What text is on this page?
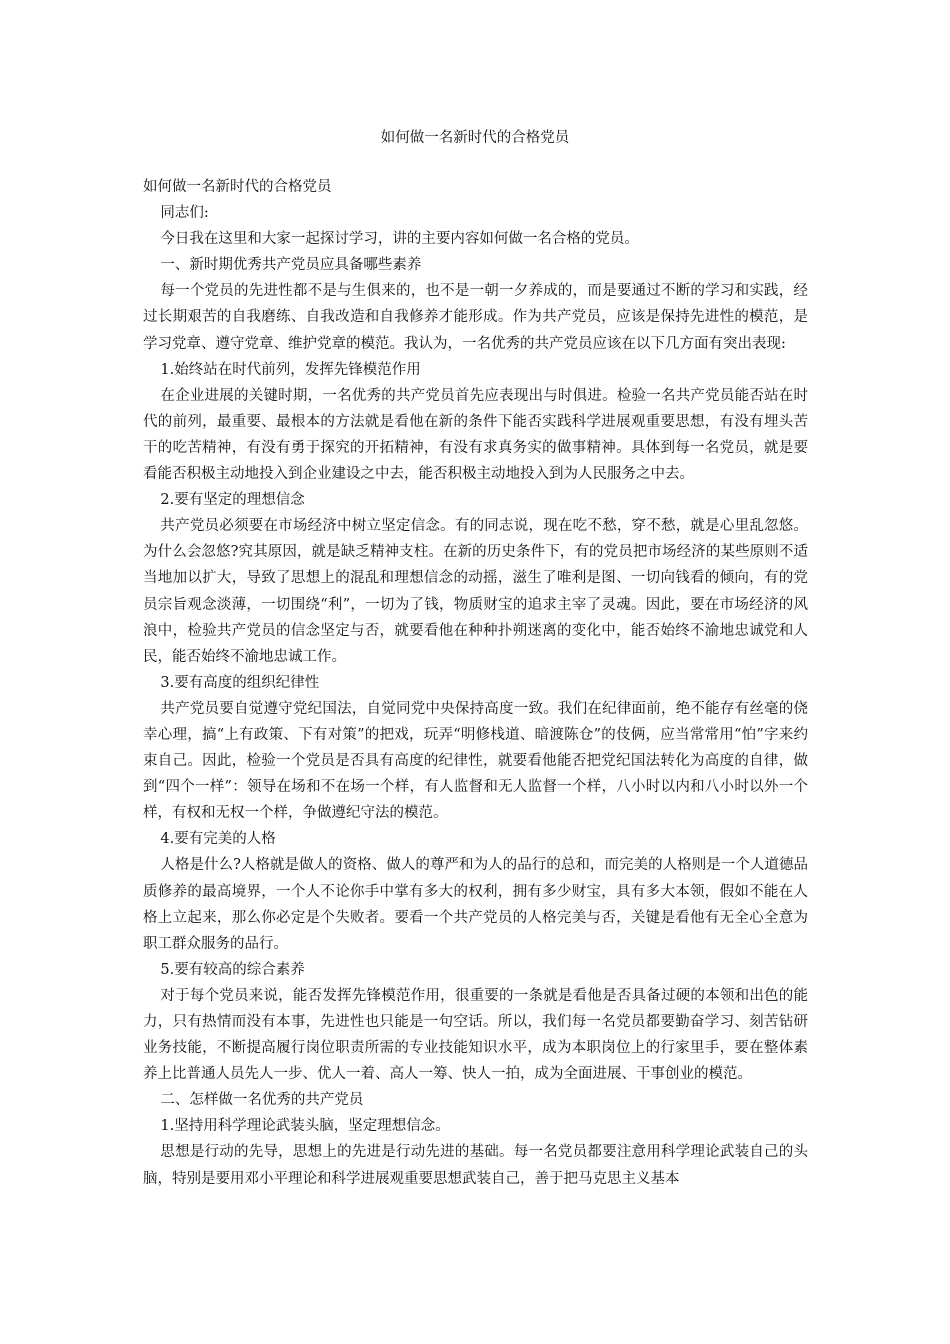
如何做一名新时代的合格党员

如何做一名新时代的合格党员

同志们:

今日我在这里和大家一起探讨学习，讲的主要内容如何做一名合格的党员。

一、新时期优秀共产党员应具备哪些素养

每一个党员的先进性都不是与生俱来的，也不是一朝一夕养成的，而是要通过不断的学习和实践，经过长期艰苦的自我磨练、自我改造和自我修养才能形成。作为共产党员，应该是保持先进性的模范，是学习党章、遵守党章、维护党章的模范。我认为，一名优秀的共产党员应该在以下几方面有突出表现:

1.始终站在时代前列，发挥先锋模范作用

在企业进展的关键时期，一名优秀的共产党员首先应表现出与时俱进。检验一名共产党员能否站在时代的前列，最重要、最根本的方法就是看他在新的条件下能否实践科学进展观重要思想，有没有埋头苦干的吃苦精神，有没有勇于探究的开拓精神，有没有求真务实的做事精神。具体到每一名党员，就是要看能否积极主动地投入到企业建设之中去，能否积极主动地投入到为人民服务之中去。

2.要有坚定的理想信念

共产党员必须要在市场经济中树立坚定信念。有的同志说，现在吃不愁，穿不愁，就是心里乱忽悠。为什么会忽悠?究其原因，就是缺乏精神支柱。在新的历史条件下，有的党员把市场经济的某些原则不适当地加以扩大，导致了思想上的混乱和理想信念的动摇，滋生了唯利是图、一切向钱看的倾向，有的党员宗旨观念淡薄，一切围绕“利”，一切为了钱，物质财宝的追求主宰了灵魂。因此，要在市场经济的风浪中，检验共产党员的信念坚定与否，就要看他在种种扑朔迷离的变化中，能否始终不渝地忠诚党和人民，能否始终不渝地忠诚工作。

3.要有高度的组织纪律性

共产党员要自觉遵守党纪国法，自觉同党中央保持高度一致。我们在纪律面前，绝不能存有丝毫的侥幸心理，搞“上有政策、下有对策”的把戏，玩弄“明修栈道、暗渡陈仓”的伎俩，应当常常用“怕”字来约束自己。因此，检验一个党员是否具有高度的纪律性，就要看他能否把党纪国法转化为高度的自律，做到“四个一样”：领导在场和不在场一个样，有人监督和无人监督一个样，八小时以内和八小时以外一个样，有权和无权一个样，争做遵纪守法的模范。

4.要有完美的人格

人格是什么?人格就是做人的资格、做人的尊严和为人的品行的总和，而完美的人格则是一个人道德品质修养的最高境界，一个人不论你手中掌有多大的权利，拥有多少财宝，具有多大本领，假如不能在人格上立起来，那么你必定是个失败者。要看一个共产党员的人格完美与否，关键是看他有无全心全意为职工群众服务的品行。

5.要有较高的综合素养

对于每个党员来说，能否发挥先锋模范作用，很重要的一条就是看他是否具备过硬的本领和出色的能力，只有热情而没有本事，先进性也只能是一句空话。所以，我们每一名党员都要勤奋学习、刻苦钻研业务技能，不断提高履行岗位职责所需的专业技能知识水平，成为本职岗位上的行家里手，要在整体素养上比普通人员先人一步、优人一着、高人一筹、快人一拍，成为全面进展、干事创业的模范。

二、怎样做一名优秀的共产党员

1.坚持用科学理论武装头脑，坚定理想信念。

思想是行动的先导，思想上的先进是行动先进的基础。每一名党员都要注意用科学理论武装自己的头脑，特别是要用邓小平理论和科学进展观重要思想武装自己，善于把马克思主义基本
